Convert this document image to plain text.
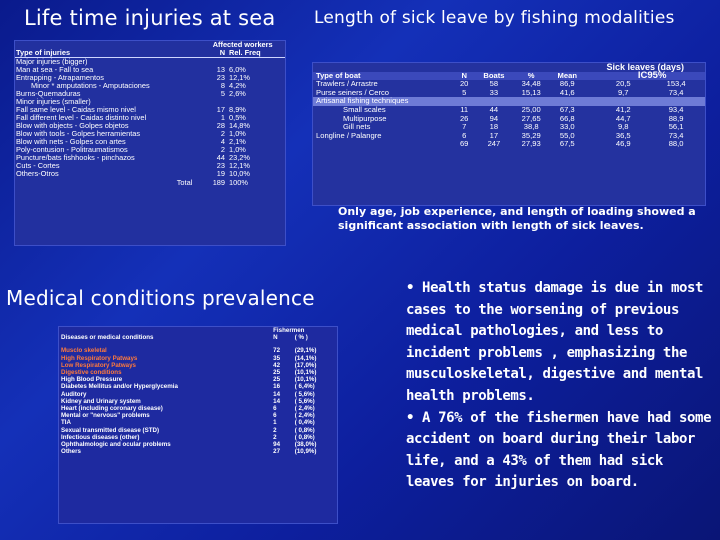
Life time injuries at sea Length of sick leave by fishing modalities
Medical conditions prevalence
	Affected workers	
Type of injuries	N	Rel. Freq
Major injuries (bigger)		
Man at sea - Fall to sea	13	6,0%
Entrapping - Atrapamentos	23	12,1%
Minor * amputations - Amputaciones	8	4,2%
Burns-Quemaduras	5	2,6%
Minor injuries (smaller)		
Fall same level - Caidas mismo nivel	17	8,9%
Fall different level - Caidas distinto nivel	1	0,5%
Blow with objects - Golpes objetos	28	14,8%
Blow with tools - Golpes herramientas	2	1,0%
Blow with nets - Golpes con artes	4	2,1%
Poly-contusion - Politraumatismos	2	1,0%
Puncture/bats fishhooks - pinchazos	44	23,2%
Cuts - Cortes	23	12,1%
Others-Otros	19	10,0%
Total	189	100%
					Sick leaves (days)		
Type of boat	N	Boats	%	Mean		IC95%	
Trawlers / Arrastre	20	58	34,48	86,9		20,5	153,4
Purse seiners / Cerco	5	33	15,13	41,6		9,7	73,4
Artisanal fishing techniques							
Small scales	11	44	25,00	67,3		41,2	93,4
Multipurpose	26	94	27,65	66,8		44,7	88,9
Gill nets	7	18	38,8	33,0		9,8	56,1
Longline / Palangre	6	17	35,29	55,0		36,5	73,4
	69	247	27,93	67,5		46,9	88,0
Only age, job experience, and length of loading showed a significant association with length of sick leaves.
	Fishermen	
Diseases or medical conditions	N	( % )

Musclo skeletal	72	(29,1%)
High Respiratory Patways	35	(14,1%)
Low Respiratory Patways	42	(17,0%)
Digestive conditions	25	(10,1%)
High Blood Pressure	25	(10,1%)
Diabetes Mellitus and/or Hyperglycemia	16	( 6,4%)
Auditory	14	( 5,6%)
Kidney and Urinary system	14	( 5,6%)
Heart (including coronary disease)	6	( 2,4%)
Mental or "nervous" problems	6	( 2,4%)
TIA	1	( 0,4%)
Sexual transmitted disease (STD)	2	( 0,8%)
Infectious diseases (other)	2	( 0,8%)
Ophthalmologic and ocular problems	94	(38,0%)
Others	27	(10,9%)

• Health status damage is due in most cases to the worsening of previous medical pathologies, and less to incident problems , emphasizing the musculoskeletal, digestive and mental health problems.

• A 76% of the fishermen have had some accident on board during their labor life, and a 43% of them had sick leaves for injuries on board.
